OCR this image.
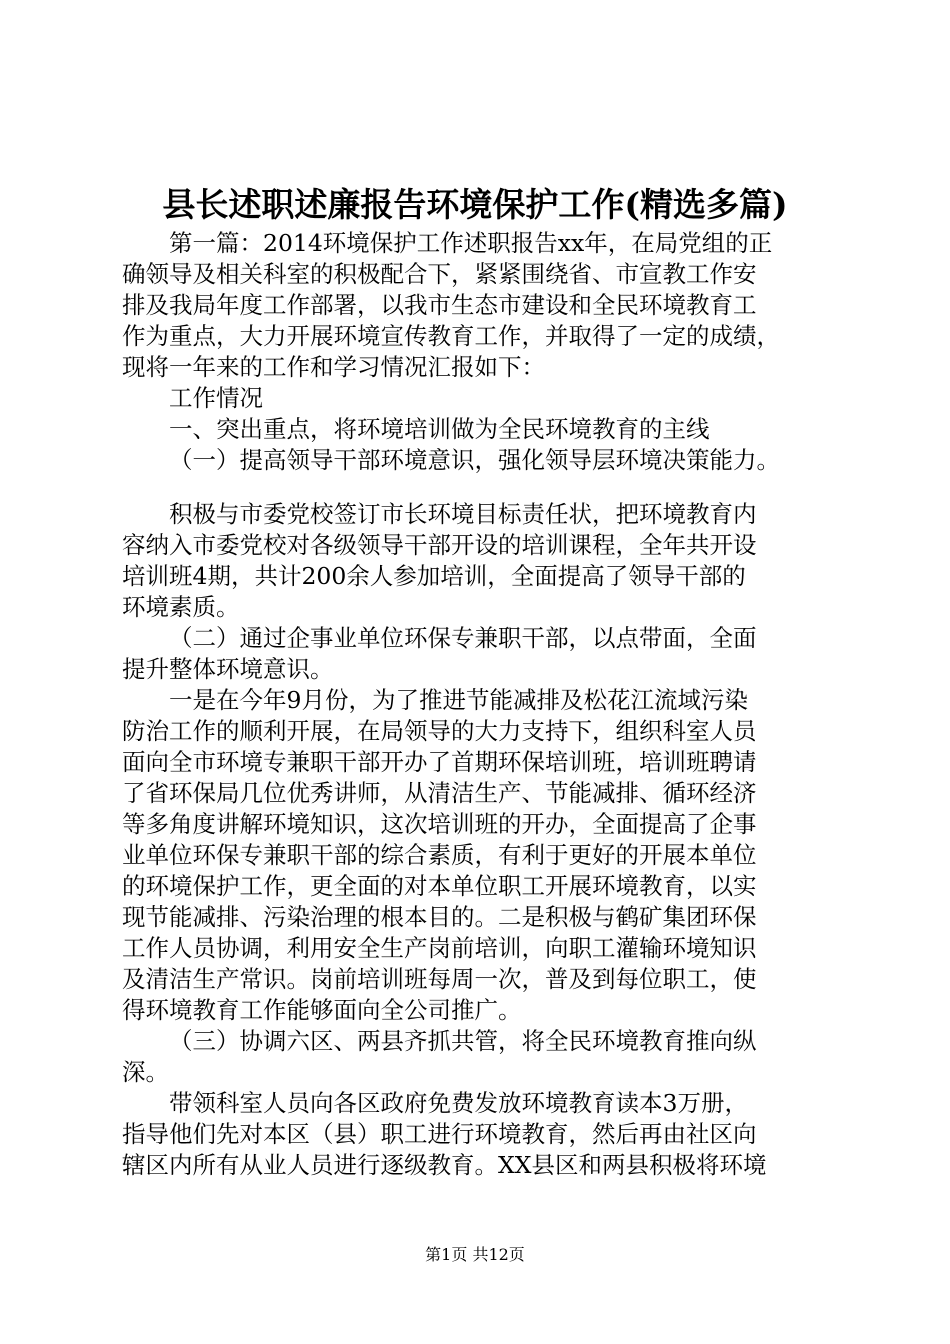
县长述职述廉报告环境保护工作(精选多篇)

第一篇：2014环境保护工作述职报告xx年，在局党组的正
确领导及相关科室的积极配合下，紧紧围绕省、市宣教工作安
排及我局年度工作部署，以我市生态市建设和全民环境教育工
作为重点，大力开展环境宣传教育工作，并取得了一定的成绩，
现将一年来的工作和学习情况汇报如下：

工作情况

一、突出重点，将环境培训做为全民环境教育的主线

（一）提高领导干部环境意识，强化领导层环境决策能力。

积极与市委党校签订市长环境目标责任状，把环境教育内
容纳入市委党校对各级领导干部开设的培训课程，全年共开设
培训班4期，共计200余人参加培训，全面提高了领导干部的
环境素质。

（二）通过企事业单位环保专兼职干部，以点带面，全面
提升整体环境意识。

一是在今年9月份，为了推进节能减排及松花江流域污染
防治工作的顺利开展，在局领导的大力支持下，组织科室人员
面向全市环境专兼职干部开办了首期环保培训班，培训班聘请
了省环保局几位优秀讲师，从清洁生产、节能减排、循环经济
等多角度讲解环境知识，这次培训班的开办，全面提高了企事
业单位环保专兼职干部的综合素质，有利于更好的开展本单位
的环境保护工作，更全面的对本单位职工开展环境教育，以实
现节能减排、污染治理的根本目的。二是积极与鹤矿集团环保
工作人员协调，利用安全生产岗前培训，向职工灌输环境知识
及清洁生产常识。岗前培训班每周一次，普及到每位职工，使
得环境教育工作能够面向全公司推广。

（三）协调六区、两县齐抓共管，将全民环境教育推向纵
深。

带领科室人员向各区政府免费发放环境教育读本3万册，
指导他们先对本区（县）职工进行环境教育，然后再由社区向
辖区内所有从业人员进行逐级教育。XX县区和两县积极将环境

第1页 共12页
